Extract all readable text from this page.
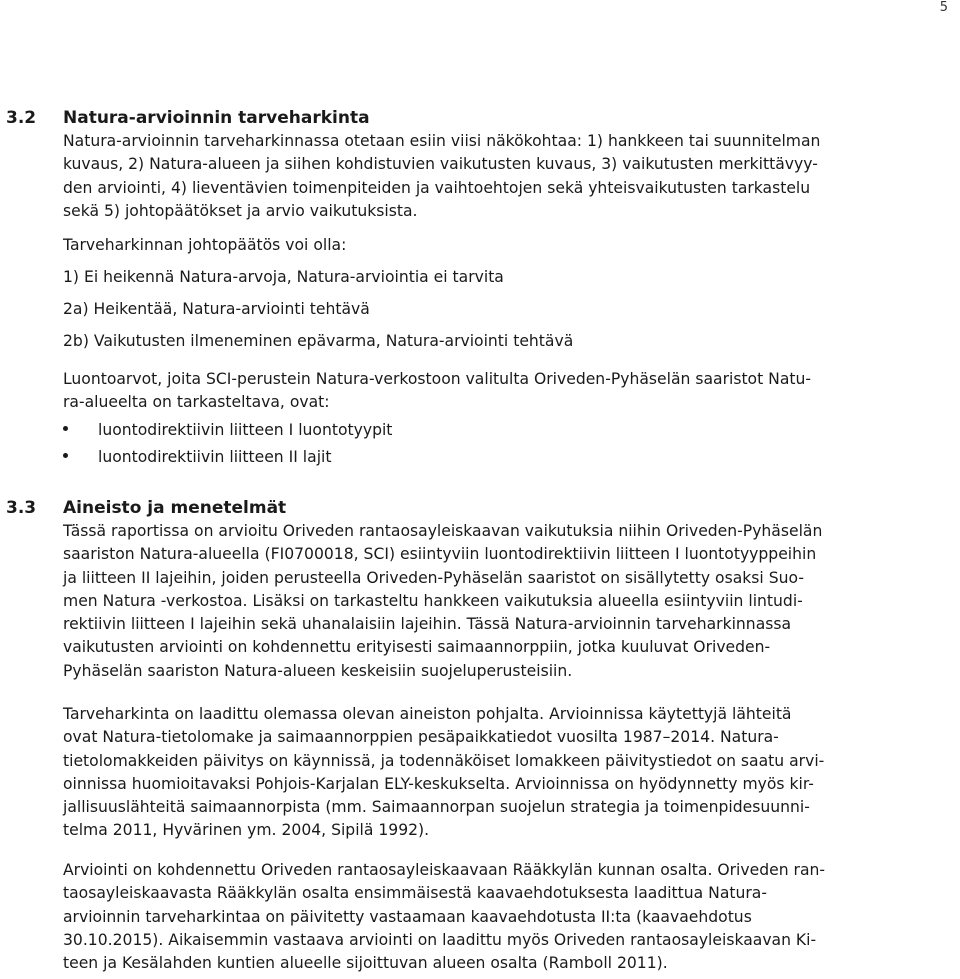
5
3.2 Natura-arvioinnin tarveharkinta
Natura-arvioinnin tarveharkinnassa otetaan esiin viisi näkökohtaa: 1) hankkeen tai suunnitelman
kuvaus, 2) Natura-alueen ja siihen kohdistuvien vaikutusten kuvaus, 3) vaikutusten merkittävyy-
den arviointi, 4) lieventävien toimenpiteiden ja vaihtoehtojen sekä yhteisvaikutusten tarkastelu
sekä 5) johtopäätökset ja arvio vaikutuksista.
Tarveharkinnan johtopäätös voi olla:
1) Ei heikennä Natura-arvoja, Natura-arviointia ei tarvita
2a) Heikentää, Natura-arviointi tehtävä
2b) Vaikutusten ilmeneminen epävarma, Natura-arviointi tehtävä
Luontoarvot, joita SCI-perustein Natura-verkostoon valitulta Oriveden-Pyhäselän saaristot Natu-
ra-alueelta on tarkasteltava, ovat:
luontodirektiivin liitteen I luontotyypit
luontodirektiivin liitteen II lajit
3.3 Aineisto ja menetelmät
Tässä raportissa on arvioitu Oriveden rantaosayleiskaavan vaikutuksia niihin Oriveden-Pyhäselän
saariston Natura-alueella (FI0700018, SCI) esiintyviin luontodirektiivin liitteen I luontotyyppeihin
ja liitteen II lajeihin, joiden perusteella Oriveden-Pyhäselän saaristot on sisällytetty osaksi Suo-
men Natura -verkostoa. Lisäksi on tarkasteltu hankkeen vaikutuksia alueella esiintyviin lintudi-
rektiivin liitteen I lajeihin sekä uhanalaisiin lajeihin. Tässä Natura-arvioinnin tarveharkinnassa
vaikutusten arviointi on kohdennettu erityisesti saimaannorppiin, jotka kuuluvat Oriveden-
Pyhäselän saariston Natura-alueen keskeisiin suojeluperusteisiin.
Tarveharkinta on laadittu olemassa olevan aineiston pohjalta. Arvioinnissa käytettyjä lähteitä
ovat Natura-tietolomake ja saimaannorppien pesäpaikkatiedot vuosilta 1987–2014. Natura-
tietolomakkeiden päivitys on käynnissä, ja todennäköiset lomakkeen päivitystiedot on saatu arvi-
oinnissa huomioitavaksi Pohjois-Karjalan ELY-keskukselta. Arvioinnissa on hyödynnetty myös kir-
jallisuuslähteitä saimaannorpista (mm. Saimaannorpan suojelun strategia ja toimenpidesuunni-
telma 2011, Hyvärinen ym. 2004, Sipilä 1992).
Arviointi on kohdennettu Oriveden rantaosayleiskaavaan Rääkkylän kunnan osalta. Oriveden ran-
taosayleiskaavasta Rääkkylän osalta ensimmäisestä kaavaehdotuksesta laadittua Natura-
arvioinnin tarveharkintaa on päivitetty vastaamaan kaavaehdotusta II:ta (kaavaehdotus
30.10.2015). Aikaisemmin vastaava arviointi on laadittu myös Oriveden rantaosayleiskaavan Ki-
teen ja Kesälahden kuntien alueelle sijoittuvan alueen osalta (Ramboll 2011).
